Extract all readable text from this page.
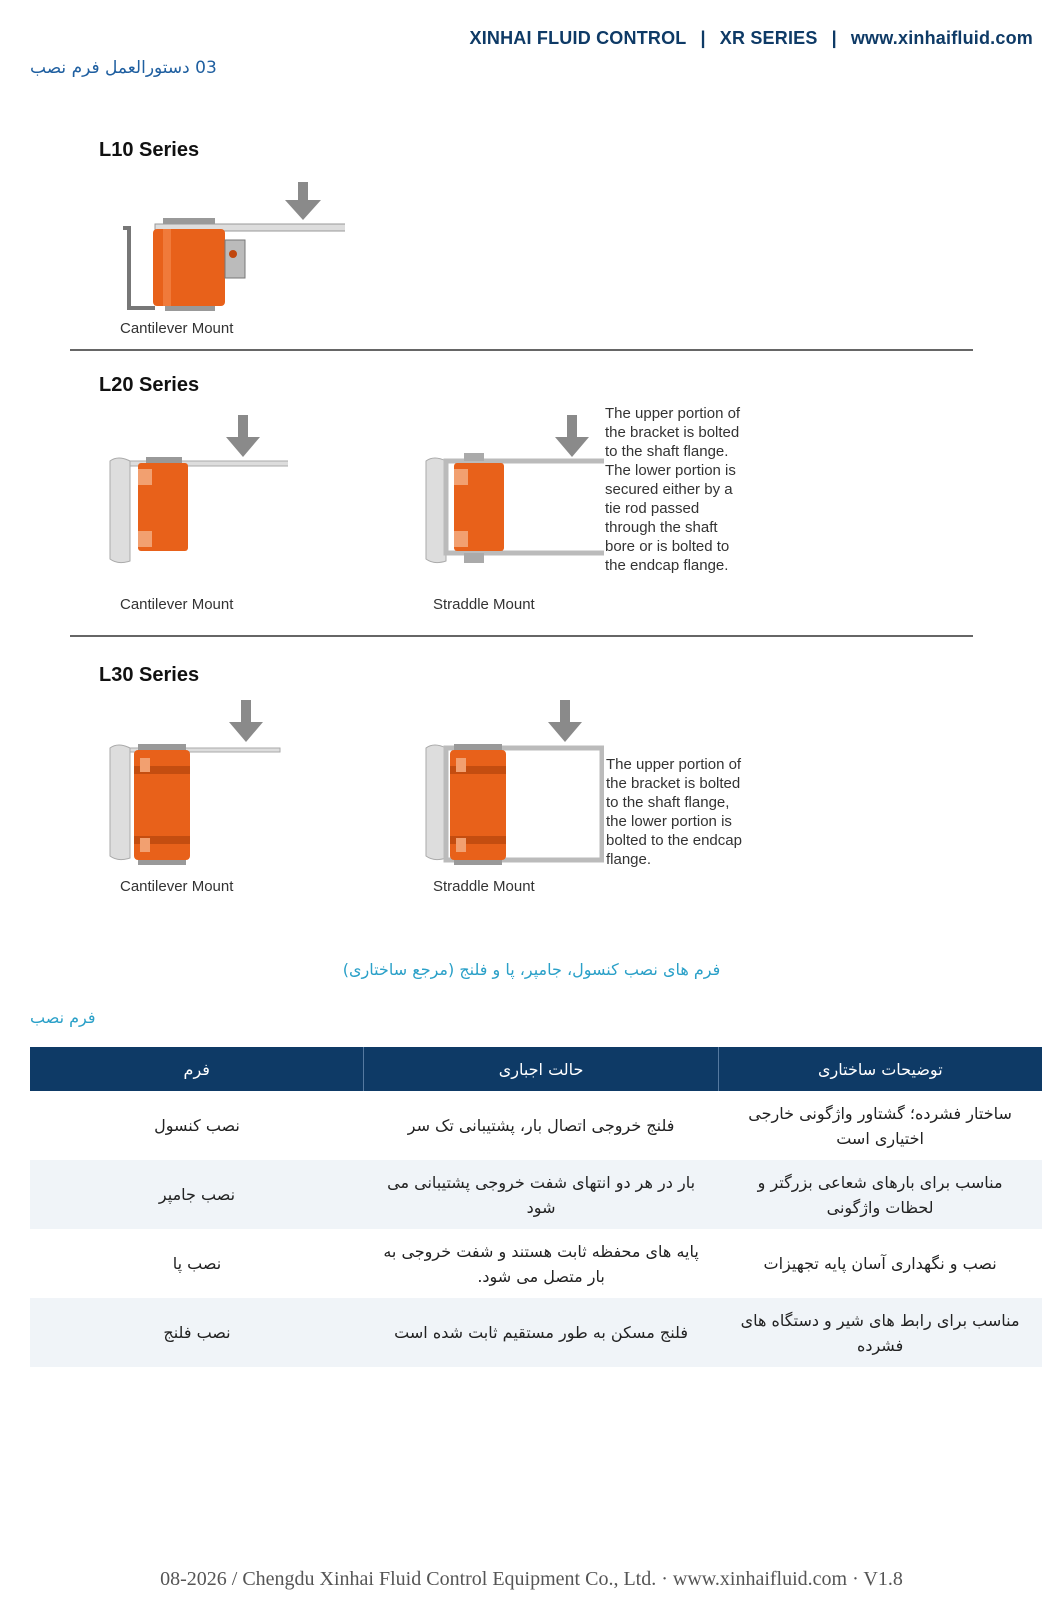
XINHAI FLUID CONTROL | XR SERIES | www.xinhaifluid.com
03 دستورالعمل فرم نصب
L10 Series
Cantilever Mount
L20 Series
Cantilever Mount	Straddle Mount
The upper portion of the bracket is bolted to the shaft flange. The lower portion is secured either by a tie rod passed through the shaft bore or is bolted to the endcap flange.
L30 Series
Cantilever Mount	Straddle Mount
The upper portion of the bracket is bolted to the shaft flange, the lower portion is bolted to the endcap flange.
فرم های نصب کنسول، جامپر، پا و فلنج (مرجع ساختاری)
فرم نصب
توضیحات ساختاری	حالت اجباری	فرم
ساختار فشرده؛ گشتاور واژگونی خارجی اختیاری است	فلنج خروجی اتصال بار، پشتیبانی تک سر	نصب کنسول
مناسب برای بارهای شعاعی بزرگتر و لحظات واژگونی	بار در هر دو انتهای شفت خروجی پشتیبانی می شود	نصب جامپر
نصب و نگهداری آسان پایه تجهیزات	پایه های محفظه ثابت هستند و شفت خروجی به بار متصل می شود.	نصب پا
مناسب برای رابط های شیر و دستگاه های فشرده	فلنج مسکن به طور مستقیم ثابت شده است	نصب فلنج
08-2026 / Chengdu Xinhai Fluid Control Equipment Co., Ltd. · www.xinhaifluid.com · V1.8
